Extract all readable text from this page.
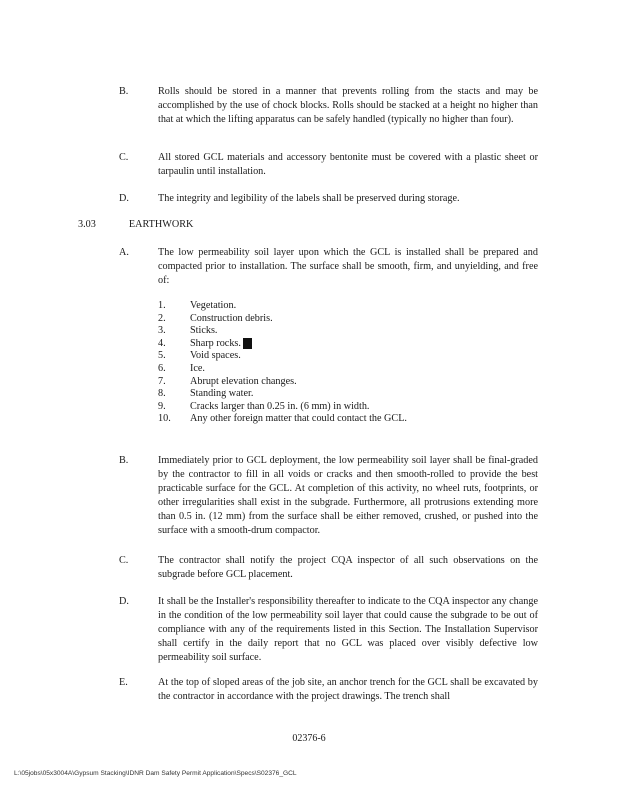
B.	Rolls should be stored in a manner that prevents rolling from the stacts and may be accomplished by the use of chock blocks. Rolls should be stacked at a height no higher than that at which the lifting apparatus can be safely handled (typically no higher than four).
C.	All stored GCL materials and accessory bentonite must be covered with a plastic sheet or tarpaulin until installation.
D.	The integrity and legibility of the labels shall be preserved during storage.
3.03	EARTHWORK
A.	The low permeability soil layer upon which the GCL is installed shall be prepared and compacted prior to installation. The surface shall be smooth, firm, and unyielding, and free of:
1.	Vegetation.
2.	Construction debris.
3.	Sticks.
4.	Sharp rocks.
5.	Void spaces.
6.	Ice.
7.	Abrupt elevation changes.
8.	Standing water.
9.	Cracks larger than 0.25 in. (6 mm) in width.
10.	Any other foreign matter that could contact the GCL.
B.	Immediately prior to GCL deployment, the low permeability soil layer shall be final-graded by the contractor to fill in all voids or cracks and then smooth-rolled to provide the best practicable surface for the GCL. At completion of this activity, no wheel ruts, footprints, or other irregularities shall exist in the subgrade. Furthermore, all protrusions extending more than 0.5 in. (12 mm) from the surface shall be either removed, crushed, or pushed into the surface with a smooth-drum compactor.
C.	The contractor shall notify the project CQA inspector of all such observations on the subgrade before GCL placement.
D.	It shall be the Installer's responsibility thereafter to indicate to the CQA inspector any change in the condition of the low permeability soil layer that could cause the subgrade to be out of compliance with any of the requirements listed in this Section. The Installation Supervisor shall certify in the daily report that no GCL was placed over visibly defective low permeability soil surface.
E.	At the top of sloped areas of the job site, an anchor trench for the GCL shall be excavated by the contractor in accordance with the project drawings. The trench shall
02376-6
L:\05jobs\05x3004A\Gypsum Stacking\IDNR Dam Safety Permit Application\Specs\S02376_GCL
